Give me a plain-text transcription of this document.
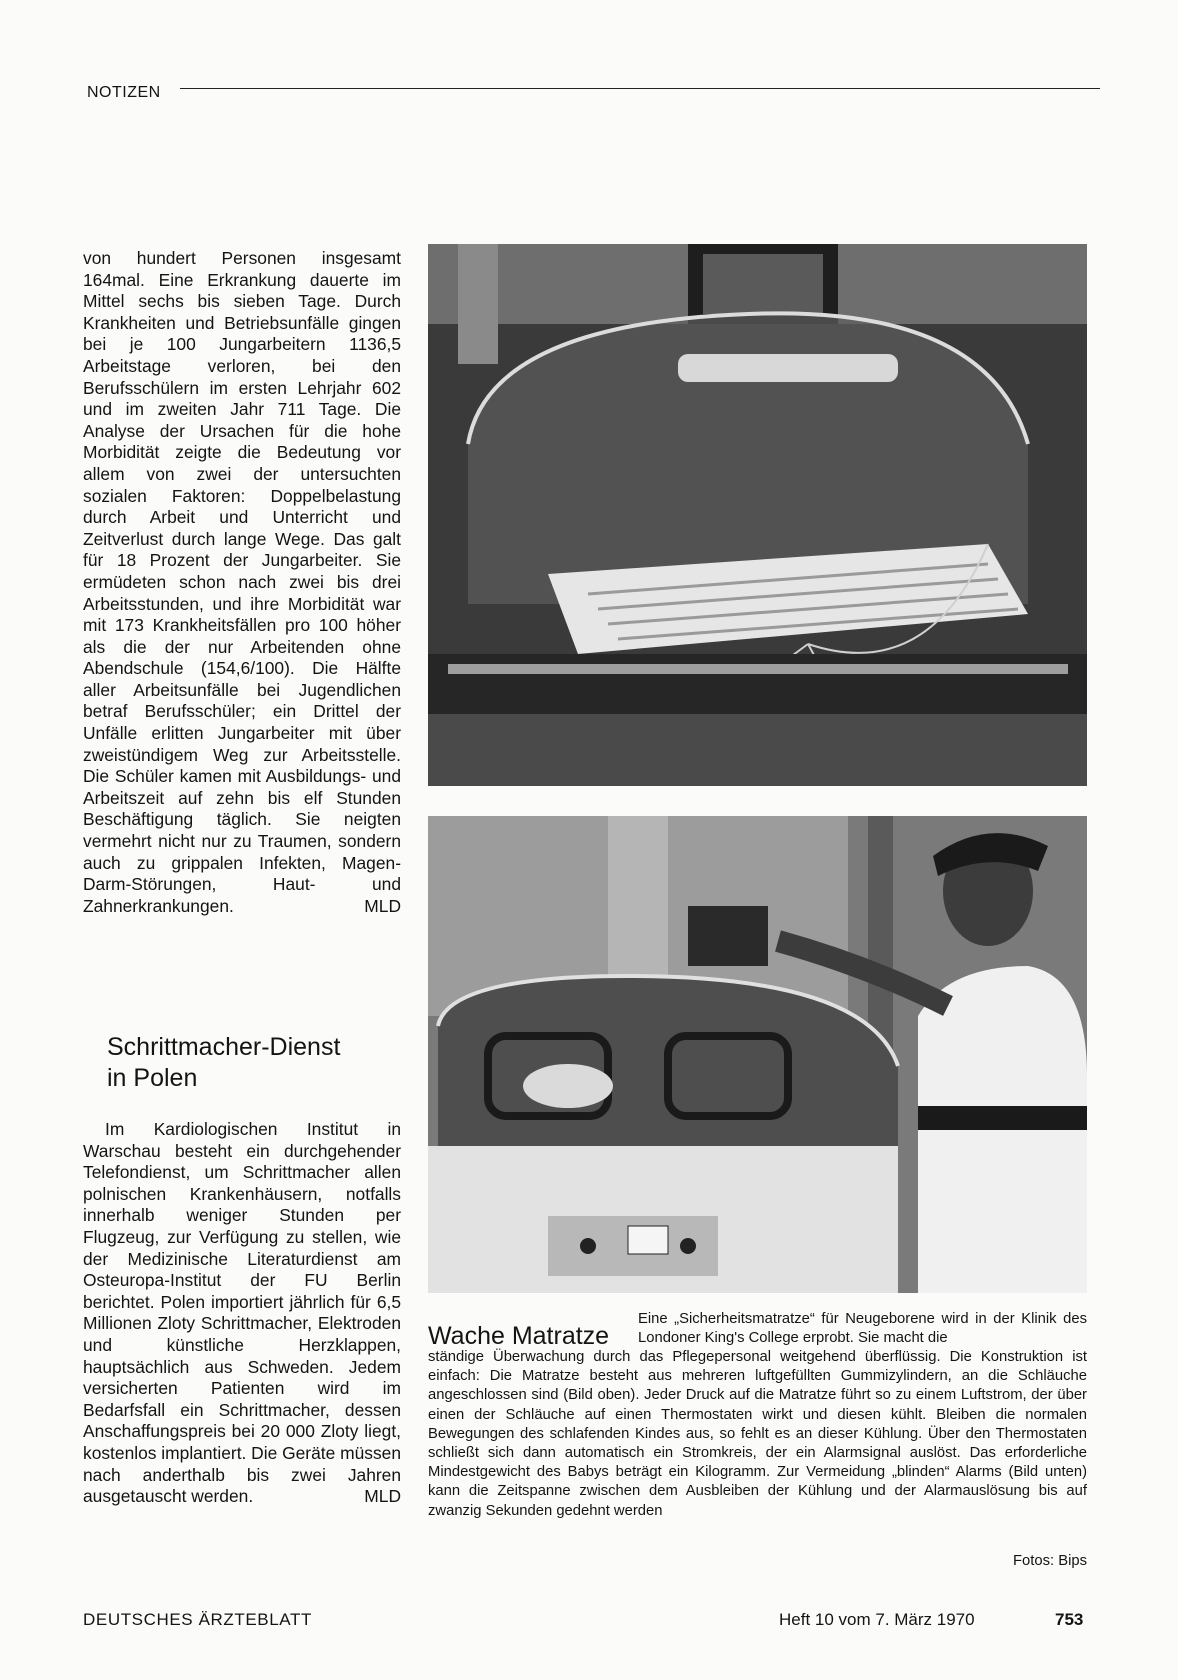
NOTIZEN

von hundert Personen insgesamt 164mal. Eine Erkrankung dauerte im Mittel sechs bis sieben Tage. Durch Krankheiten und Betriebsunfälle gingen bei je 100 Jungarbeitern 1136,5 Arbeitstage verloren, bei den Berufsschülern im ersten Lehrjahr 602 und im zweiten Jahr 711 Tage. Die Analyse der Ursachen für die hohe Morbidität zeigte die Bedeutung vor allem von zwei der untersuchten sozialen Faktoren: Doppelbelastung durch Arbeit und Unterricht und Zeitverlust durch lange Wege. Das galt für 18 Prozent der Jungarbeiter. Sie ermüdeten schon nach zwei bis drei Arbeitsstunden, und ihre Morbidität war mit 173 Krankheitsfällen pro 100 höher als die der nur Arbeitenden ohne Abendschule (154,6/100). Die Hälfte aller Arbeitsunfälle bei Jugendlichen betraf Berufsschüler; ein Drittel der Unfälle erlitten Jungarbeiter mit über zweistündigem Weg zur Arbeitsstelle. Die Schüler kamen mit Ausbildungs- und Arbeitszeit auf zehn bis elf Stunden Beschäftigung täglich. Sie neigten vermehrt nicht nur zu Traumen, sondern auch zu grippalen Infekten, Magen-Darm-Störungen, Haut- und Zahnerkrankungen.	MLD

Schrittmacher-Dienst
in Polen

Im Kardiologischen Institut in Warschau besteht ein durchgehender Telefondienst, um Schrittmacher allen polnischen Krankenhäusern, notfalls innerhalb weniger Stunden per Flugzeug, zur Verfügung zu stellen, wie der Medizinische Literaturdienst am Osteuropa-Institut der FU Berlin berichtet. Polen importiert jährlich für 6,5 Millionen Zloty Schrittmacher, Elektroden und künstliche Herzklappen, hauptsächlich aus Schweden. Jedem versicherten Patienten wird im Bedarfsfall ein Schrittmacher, dessen Anschaffungspreis bei 20 000 Zloty liegt, kostenlos implantiert. Die Geräte müssen nach anderthalb bis zwei Jahren ausgetauscht werden.	MLD

Wache Matratze
Eine „Sicherheitsmatratze“ für Neugeborene wird in der Klinik des Londoner King's College erprobt. Sie macht die
ständige Überwachung durch das Pflegepersonal weitgehend überflüssig. Die Konstruktion ist einfach: Die Matratze besteht aus mehreren luftgefüllten Gummizylindern, an die Schläuche angeschlossen sind (Bild oben). Jeder Druck auf die Matratze führt so zu einem Luftstrom, der über einen der Schläuche auf einen Thermostaten wirkt und diesen kühlt. Bleiben die normalen Bewegungen des schlafenden Kindes aus, so fehlt es an dieser Kühlung. Über den Thermostaten schließt sich dann automatisch ein Stromkreis, der ein Alarmsignal auslöst. Das erforderliche Mindestgewicht des Babys beträgt ein Kilogramm. Zur Vermeidung „blinden“ Alarms (Bild unten) kann die Zeitspanne zwischen dem Ausbleiben der Kühlung und der Alarmauslösung bis auf zwanzig Sekunden gedehnt werden
Fotos: Bips
DEUTSCHES ÄRZTEBLATT	Heft 10 vom 7. März 1970	753
